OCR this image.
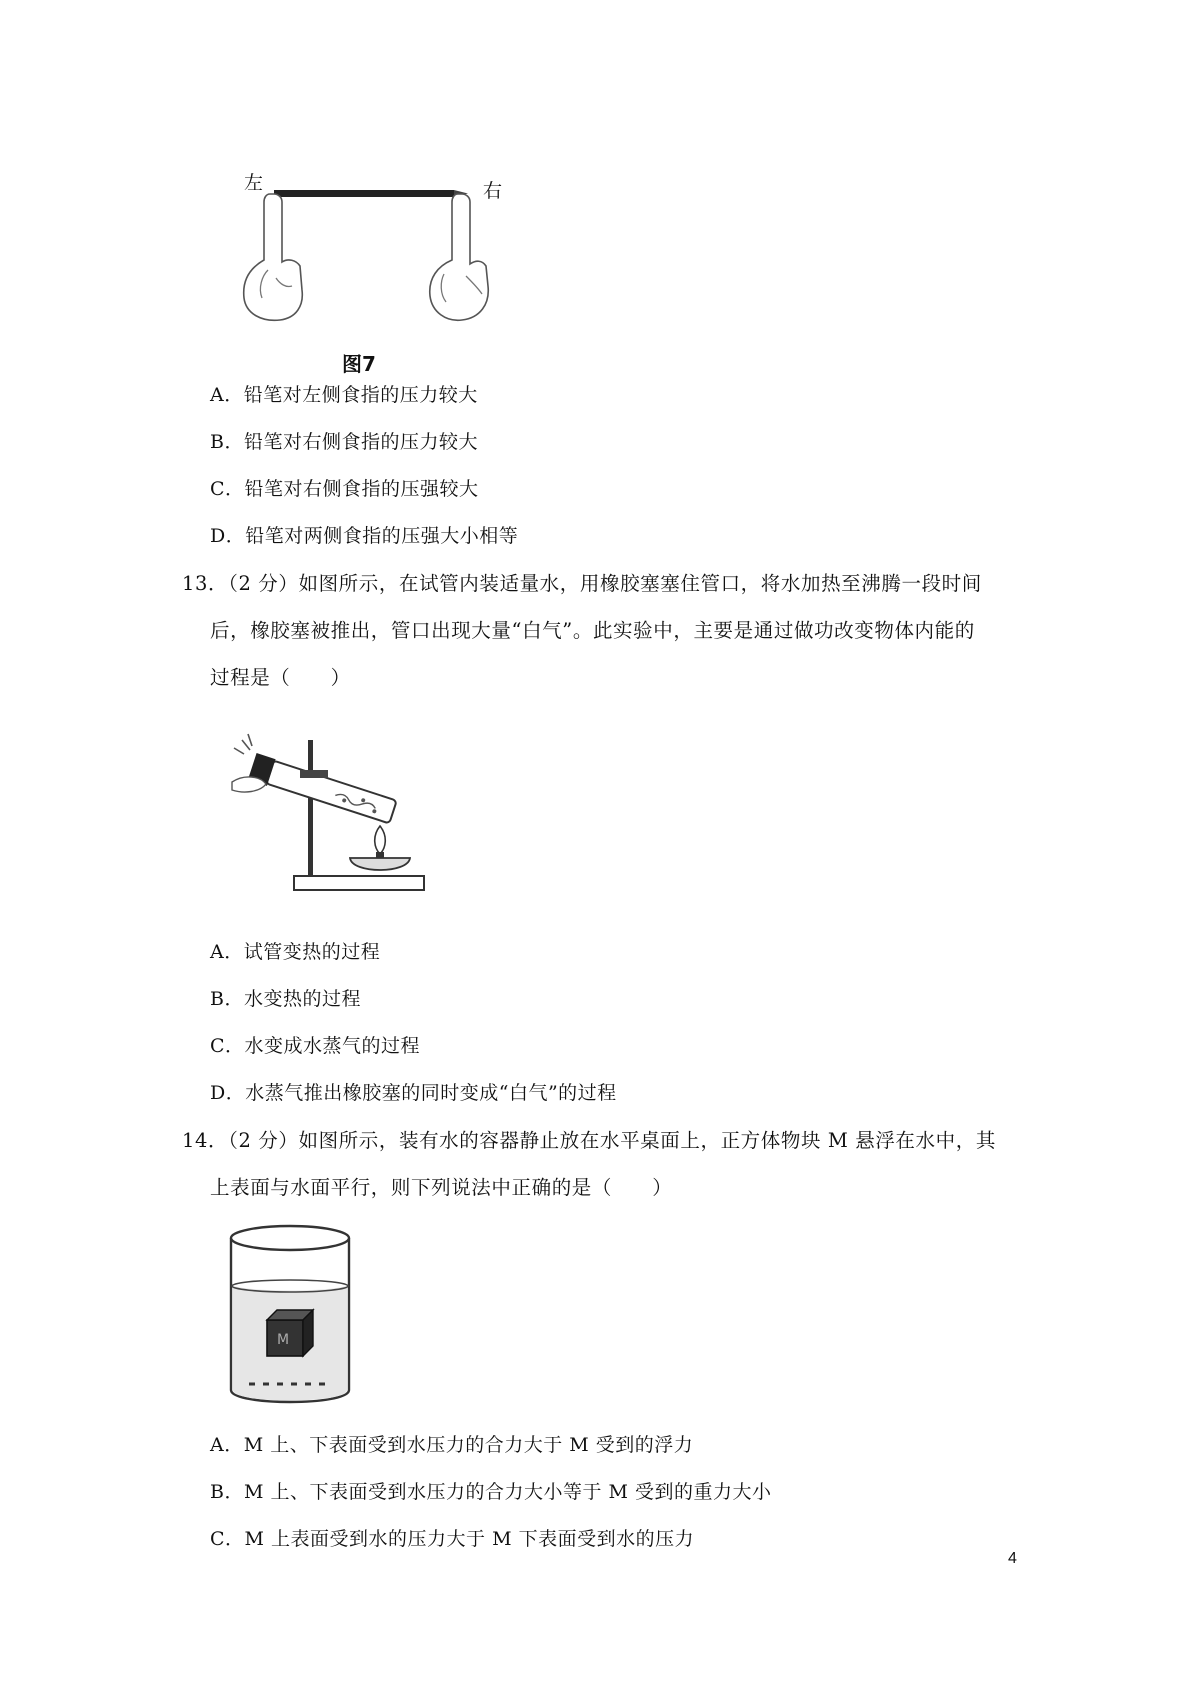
左	右
图7
A．铅笔对左侧食指的压力较大
B．铅笔对右侧食指的压力较大
C．铅笔对右侧食指的压强较大
D．铅笔对两侧食指的压强大小相等
13．（2 分）如图所示，在试管内装适量水，用橡胶塞塞住管口，将水加热至沸腾一段时间
后，橡胶塞被推出，管口出现大量“白气”。此实验中，主要是通过做功改变物体内能的
过程是（　　）
A．试管变热的过程
B．水变热的过程
C．水变成水蒸气的过程
D．水蒸气推出橡胶塞的同时变成“白气”的过程
14．（2 分）如图所示，装有水的容器静止放在水平桌面上，正方体物块 M 悬浮在水中，其
上表面与水面平行，则下列说法中正确的是（　　）
M
A．M 上、下表面受到水压力的合力大于 M 受到的浮力
B．M 上、下表面受到水压力的合力大小等于 M 受到的重力大小
C．M 上表面受到水的压力大于 M 下表面受到水的压力
4
